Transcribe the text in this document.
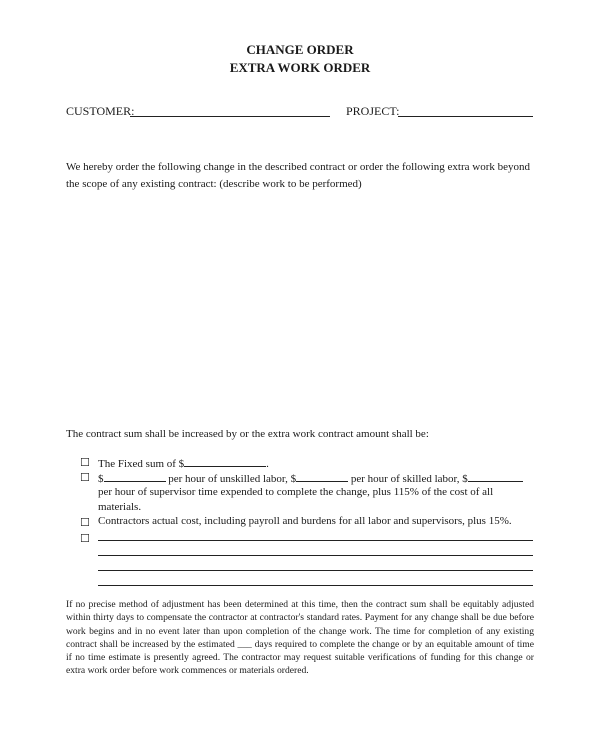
CHANGE ORDER
EXTRA WORK ORDER
CUSTOMER:	PROJECT:
We hereby order the following change in the described contract or order the following extra work beyond
the scope of any existing contract: (describe work to be performed)
The contract sum shall be increased by or the extra work contract amount shall be:
☐ The Fixed sum of $	.
☐ $	per hour of unskilled labor, $	per hour of skilled labor, $
per hour of supervisor time expended to complete the change, plus 115% of the cost of all
materials.
☐ Contractors actual cost, including payroll and burdens for all labor and supervisors, plus 15%.
☐
If no precise method of adjustment has been determined at this time, then the contract sum shall be equitably adjusted within thirty days to compensate the contractor at contractor's standard rates. Payment for any change shall be due before work begins and in no event later than upon completion of the change work. The time for completion of any existing contract shall be increased by the estimated ___ days required to complete the change or by an equitable amount of time if no time estimate is presently agreed. The contractor may request suitable verifications of funding for this change or extra work order before work commences or materials ordered.
